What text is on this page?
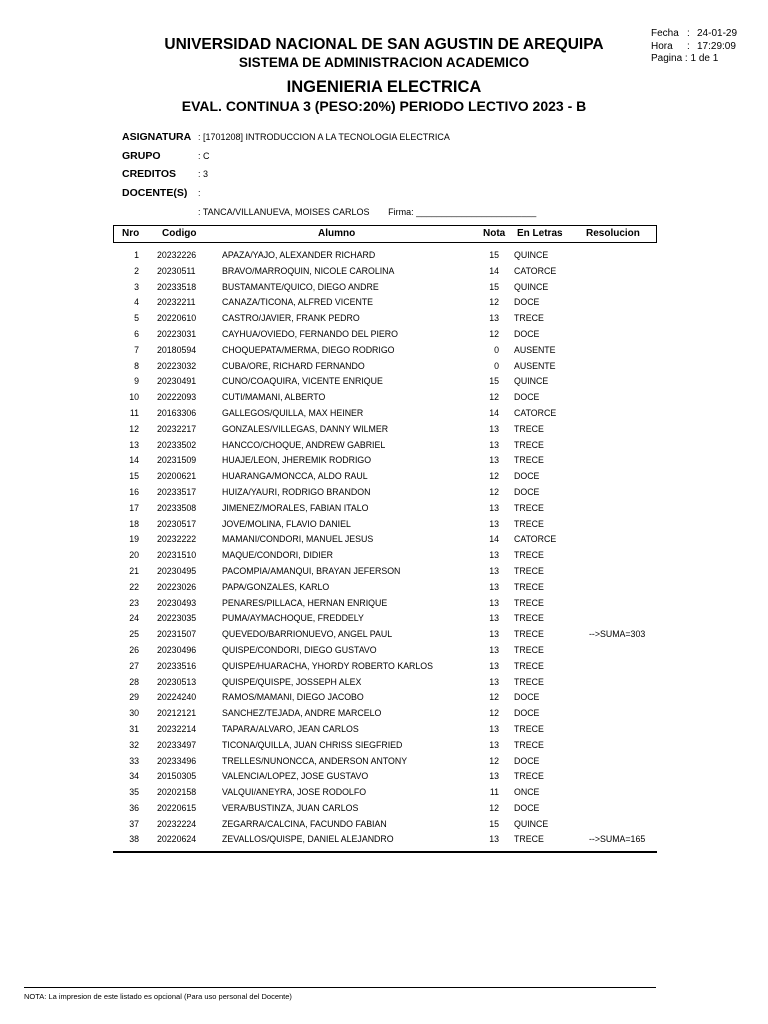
Fecha : 24-01-29
Hora	: 17:29:09
Pagina :
1 de 1
UNIVERSIDAD NACIONAL DE SAN AGUSTIN DE AREQUIPA
SISTEMA DE ADMINISTRACION ACADEMICO
INGENIERIA ELECTRICA
EVAL. CONTINUA 3 (PESO:20%) PERIODO LECTIVO 2023 - B
ASIGNATURA : [1701208] INTRODUCCION A LA TECNOLOGIA ELECTRICA
GRUPO	: C
CREDITOS : 3
DOCENTE(S) :
: TANCA/VILLANUEVA, MOISES CARLOS Firma: ________________________
Nro Codigo	Alumno	Nota En Letras Resolucion
1 20232226	APAZA/YAJO, ALEXANDER RICHARD	15 QUINCE
2 20230511	BRAVO/MARROQUIN, NICOLE CAROLINA	14 CATORCE
3 20233518	BUSTAMANTE/QUICO, DIEGO ANDRE	15 QUINCE
4 20232211	CANAZA/TICONA, ALFRED VICENTE	12 DOCE
5 20220610	CASTRO/JAVIER, FRANK PEDRO	13 TRECE
6 20223031	CAYHUA/OVIEDO, FERNANDO DEL PIERO	12 DOCE
7 20180594	CHOQUEPATA/MERMA, DIEGO RODRIGO	0 AUSENTE
8 20223032	CUBA/ORE, RICHARD FERNANDO	0 AUSENTE
9 20230491	CUNO/COAQUIRA, VICENTE ENRIQUE	15 QUINCE
10 20222093	CUTI/MAMANI, ALBERTO	12 DOCE
11 20163306	GALLEGOS/QUILLA, MAX HEINER	14 CATORCE
12 20232217	GONZALES/VILLEGAS, DANNY WILMER	13 TRECE
13 20233502	HANCCO/CHOQUE, ANDREW GABRIEL	13 TRECE
14 20231509	HUAJE/LEON, JHEREMIK RODRIGO	13 TRECE
15 20200621	HUARANGA/MONCCA, ALDO RAUL	12 DOCE
16 20233517	HUIZA/YAURI, RODRIGO BRANDON	12 DOCE
17 20233508	JIMENEZ/MORALES, FABIAN ITALO	13 TRECE
18 20230517	JOVE/MOLINA, FLAVIO DANIEL	13 TRECE
19 20232222	MAMANI/CONDORI, MANUEL JESUS	14 CATORCE
20 20231510	MAQUE/CONDORI, DIDIER	13 TRECE
21 20230495	PACOMPIA/AMANQUI, BRAYAN JEFERSON	13 TRECE
22 20223026	PAPA/GONZALES, KARLO	13 TRECE
23 20230493	PENARES/PILLACA, HERNAN ENRIQUE	13 TRECE
24 20223035	PUMA/AYMACHOQUE, FREDDELY	13 TRECE
25 20231507	QUEVEDO/BARRIONUEVO, ANGEL PAUL	13 TRECE	-->SUMA=303
26 20230496	QUISPE/CONDORI, DIEGO GUSTAVO	13 TRECE
27 20233516	QUISPE/HUARACHA, YHORDY ROBERTO KARLOS	13 TRECE
28 20230513	QUISPE/QUISPE, JOSSEPH ALEX	13 TRECE
29 20224240	RAMOS/MAMANI, DIEGO JACOBO	12 DOCE
30 20212121	SANCHEZ/TEJADA, ANDRE MARCELO	12 DOCE
31 20232214	TAPARA/ALVARO, JEAN CARLOS	13 TRECE
32 20233497	TICONA/QUILLA, JUAN CHRISS SIEGFRIED	13 TRECE
33 20233496	TRELLES/NUNONCCA, ANDERSON ANTONY	12 DOCE
34 20150305	VALENCIA/LOPEZ, JOSE GUSTAVO	13 TRECE
35 20202158	VALQUI/ANEYRA, JOSE RODOLFO	11 ONCE
36 20220615	VERA/BUSTINZA, JUAN CARLOS	12 DOCE
37 20232224	ZEGARRA/CALCINA, FACUNDO FABIAN	15 QUINCE
38 20220624	ZEVALLOS/QUISPE, DANIEL ALEJANDRO	13 TRECE	-->SUMA=165
NOTA: La impresion de este listado es opcional (Para uso personal del Docente)
